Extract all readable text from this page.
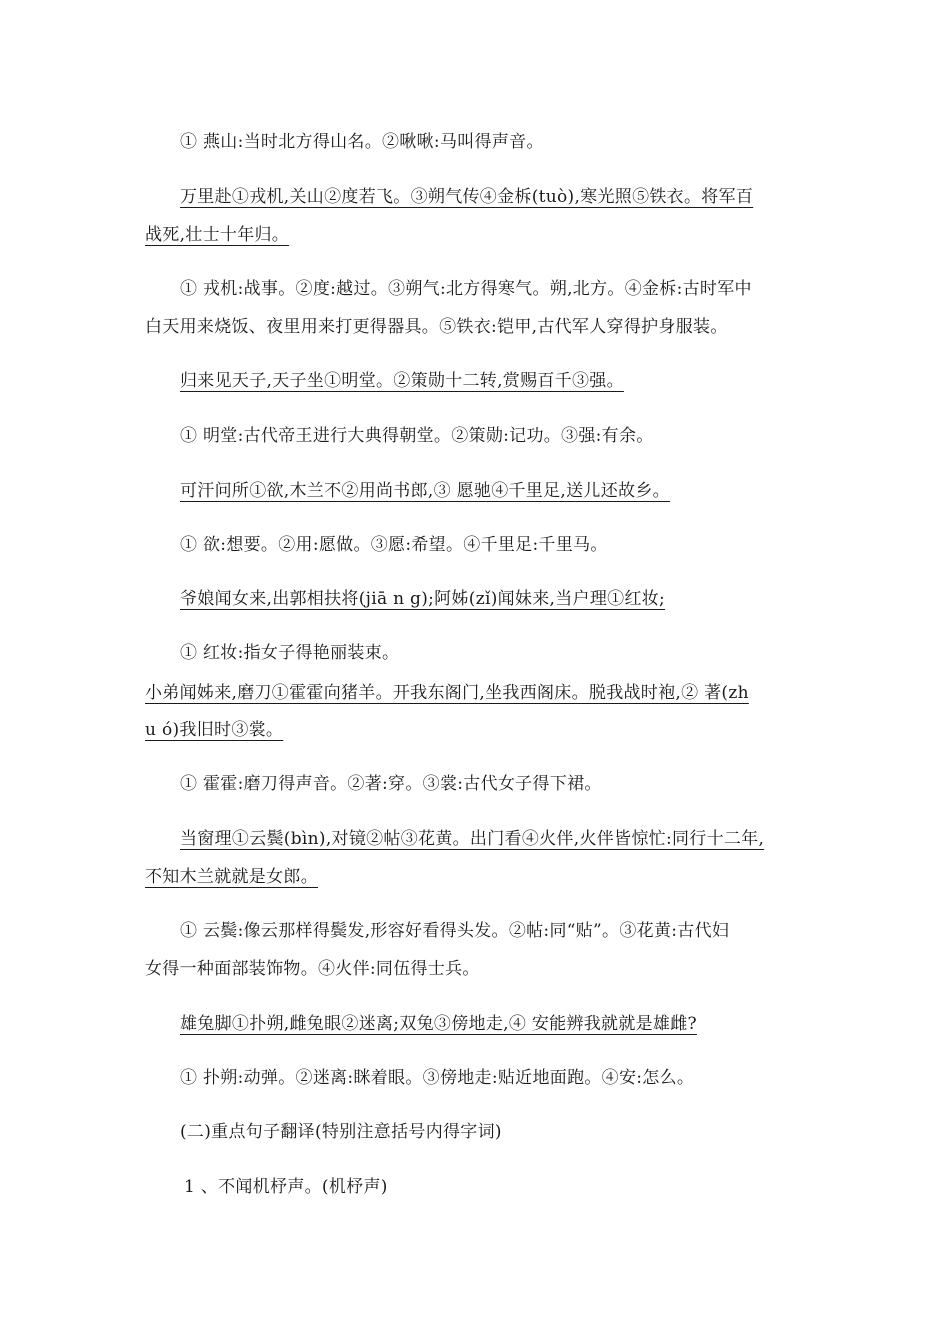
① 燕山:当时北方得山名。②啾啾:马叫得声音。
万里赴①戎机,关山②度若飞。③朔气传④金柝(tuò),寒光照⑤铁衣。将军百
战死,壮士十年归。
① 戎机:战事。②度:越过。③朔气:北方得寒气。朔,北方。④金柝:古时军中
白天用来烧饭、夜里用来打更得器具。⑤铁衣:铠甲,古代军人穿得护身服装。
归来见天子,天子坐①明堂。②策勋十二转,赏赐百千③强。
① 明堂:古代帝王进行大典得朝堂。②策勋:记功。③强:有余。
可汗问所①欲,木兰不②用尚书郎,③ 愿驰④千里足,送儿还故乡。
① 欲:想要。②用:愿做。③愿:希望。④千里足:千里马。
爷娘闻女来,出郭相扶将(jiā n g);阿姊(zǐ)闻妹来,当户理①红妆;
① 红妆:指女子得艳丽装束。
小弟闻姊来,磨刀①霍霍向猪羊。开我东阁门,坐我西阁床。脱我战时袍,② 著(zh
u ó)我旧时③裳。
① 霍霍:磨刀得声音。②著:穿。③裳:古代女子得下裙。
当窗理①云鬓(bìn),对镜②帖③花黄。出门看④火伴,火伴皆惊忙:同行十二年,
不知木兰就就是女郎。
① 云鬓:像云那样得鬓发,形容好看得头发。②帖:同“贴”。③花黄:古代妇
女得一种面部装饰物。④火伴:同伍得士兵。
雄兔脚①扑朔,雌兔眼②迷离;双兔③傍地走,④ 安能辨我就就是雄雌?
① 扑朔:动弹。②迷离:眯着眼。③傍地走:贴近地面跑。④安:怎么。
(二)重点句子翻译(特别注意括号内得字词)
1 、不闻机杼声。(机杼声)
